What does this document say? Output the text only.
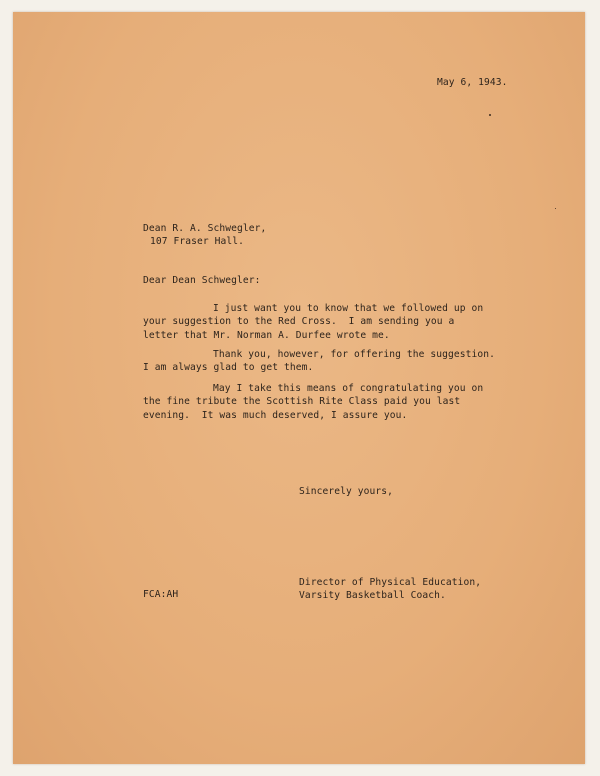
May 6, 1943.
Dean R. A. Schwegler,
107 Fraser Hall.
Dear Dean Schwegler:
I just want you to know that we followed up on
your suggestion to the Red Cross.  I am sending you a
letter that Mr. Norman A. Durfee wrote me.
Thank you, however, for offering the suggestion.
I am always glad to get them.
May I take this means of congratulating you on
the fine tribute the Scottish Rite Class paid you last
evening.  It was much deserved, I assure you.
Sincerely yours,
Director of Physical Education,
Varsity Basketball Coach.
FCA:AH
